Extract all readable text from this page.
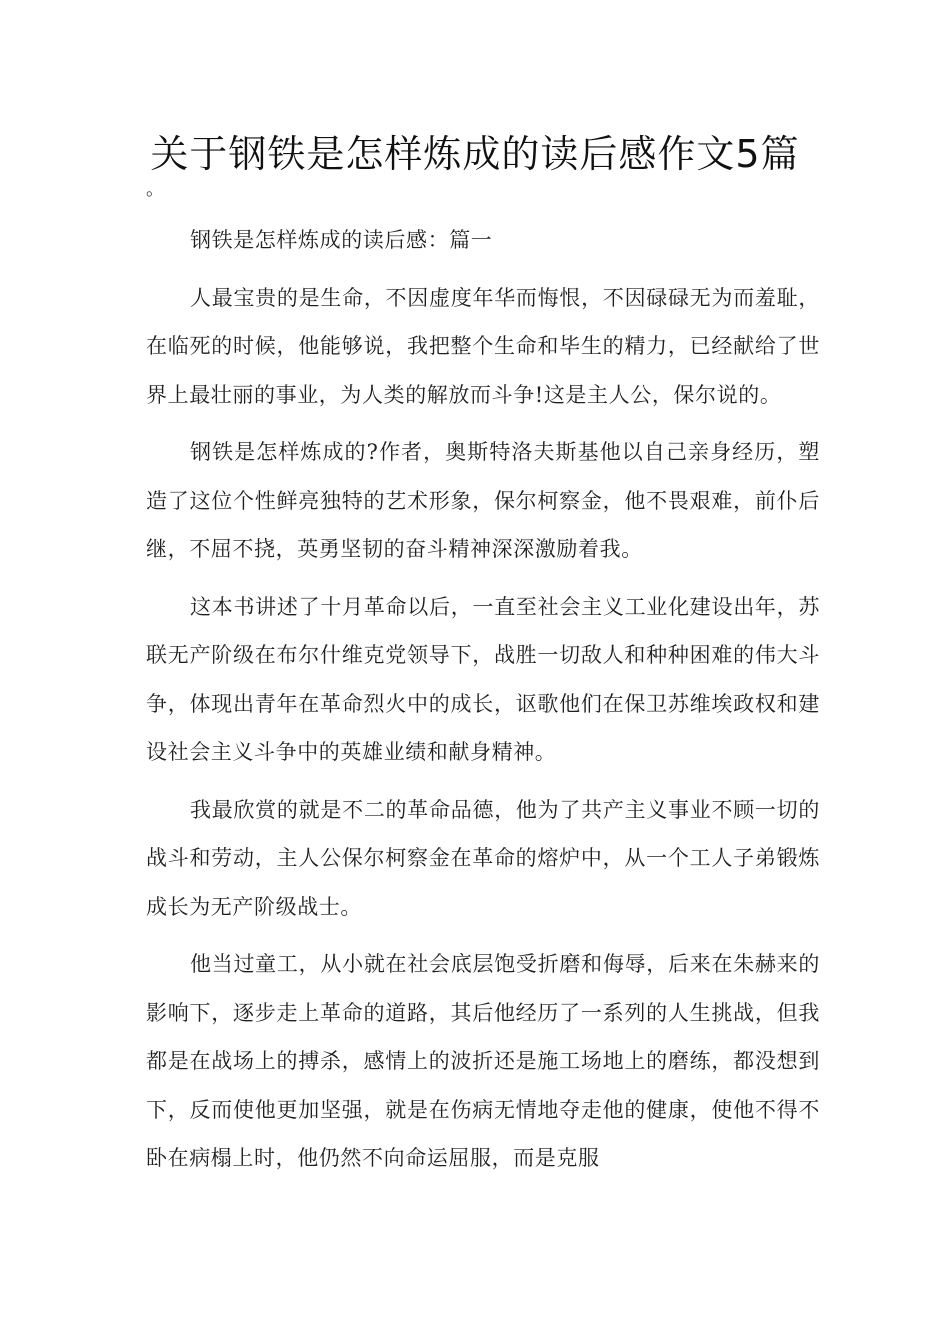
关于钢铁是怎样炼成的读后感作文5篇

。

钢铁是怎样炼成的读后感：篇一

人最宝贵的是生命，不因虚度年华而悔恨，不因碌碌无为而羞耻，在临死的时候，他能够说，我把整个生命和毕生的精力，已经献给了世界上最壮丽的事业，为人类的解放而斗争!这是主人公，保尔说的。

钢铁是怎样炼成的?作者，奥斯特洛夫斯基他以自己亲身经历，塑造了这位个性鲜亮独特的艺术形象，保尔柯察金，他不畏艰难，前仆后继，不屈不挠，英勇坚韧的奋斗精神深深激励着我。

这本书讲述了十月革命以后，一直至社会主义工业化建设出年，苏联无产阶级在布尔什维克党领导下，战胜一切敌人和种种困难的伟大斗争，体现出青年在革命烈火中的成长，讴歌他们在保卫苏维埃政权和建设社会主义斗争中的英雄业绩和献身精神。

我最欣赏的就是不二的革命品德，他为了共产主义事业不顾一切的战斗和劳动，主人公保尔柯察金在革命的熔炉中，从一个工人子弟锻炼成长为无产阶级战士。

他当过童工，从小就在社会底层饱受折磨和侮辱，后来在朱赫来的影响下，逐步走上革命的道路，其后他经历了一系列的人生挑战，但我都是在战场上的搏杀，感情上的波折还是施工场地上的磨练，都没想到下，反而使他更加坚强，就是在伤病无情地夺走他的健康，使他不得不卧在病榻上时，他仍然不向命运屈服，而是克服
